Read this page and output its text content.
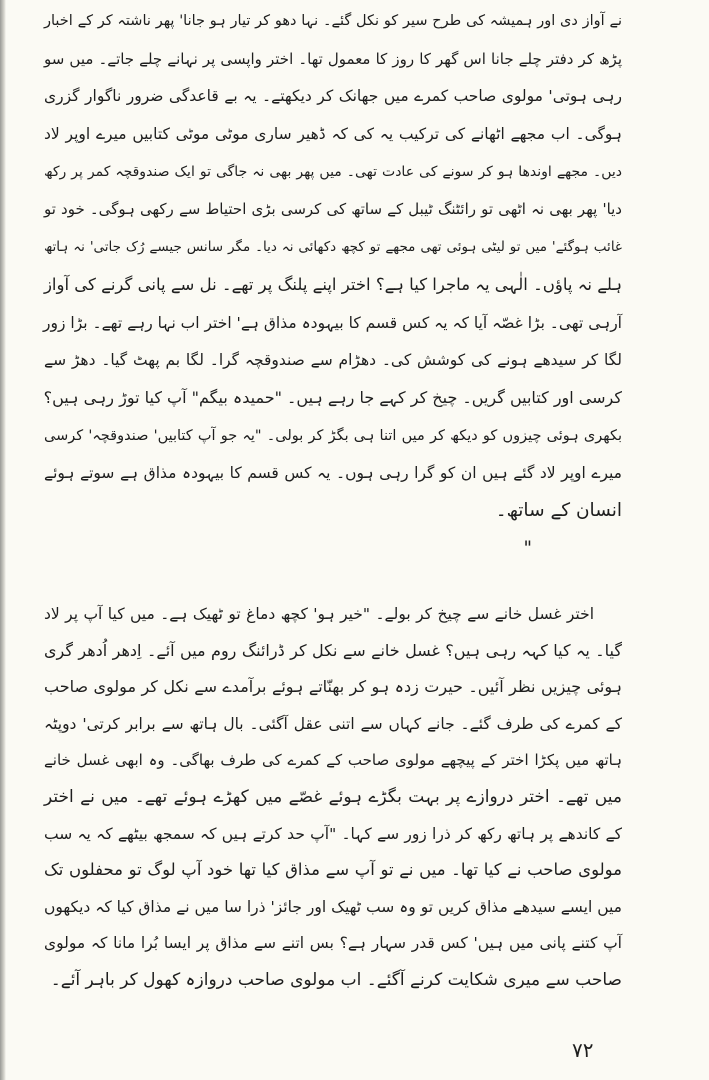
نے آواز دی اور ہمیشہ کی طرح سیر کو نکل گئے۔ نہا دھو کر تیار ہو جانا' پھر ناشتہ کر کے اخبار
پڑھ کر دفتر چلے جانا اس گھر کا روز کا معمول تھا۔ اختر واپسی پر نہانے چلے جاتے۔ میں سو
رہی ہوتی' مولوی صاحب کمرے میں جھانک کر دیکھتے۔ یہ بے قاعدگی ضرور ناگوار گزری
ہوگی۔ اب مجھے اٹھانے کی ترکیب یہ کی کہ ڈھیر ساری موٹی موٹی کتابیں میرے اوپر لاد
دیں۔ مجھے اوندھا ہو کر سونے کی عادت تھی۔ میں پھر بھی نہ جاگی تو ایک صندوقچہ کمر پر رکھ
دیا' پھر بھی نہ اٹھی تو رائٹنگ ٹیبل کے ساتھ کی کرسی بڑی احتیاط سے رکھی ہوگی۔ خود تو
غائب ہوگئے' میں تو لیٹی ہوئی تھی مجھے تو کچھ دکھائی نہ دیا۔ مگر سانس جیسے رُک جاتی' نہ ہاتھ
ہلے نہ پاؤں۔ الٰہی یہ ماجرا کیا ہے؟ اختر اپنے پلنگ پر تھے۔ نل سے پانی گرنے کی آواز
آرہی تھی۔ بڑا غصّہ آیا کہ یہ کس قسم کا بیہودہ مذاق ہے' اختر اب نہا رہے تھے۔ بڑا زور
لگا کر سیدھے ہونے کی کوشش کی۔ دھڑام سے صندوقچہ گرا۔ لگا بم پھٹ گیا۔ دھڑ سے
کرسی اور کتابیں گریں۔ چیخ کر کہے جا رہے ہیں۔ "حمیدہ بیگم" آپ کیا توڑ رہی ہیں؟
بکھری ہوئی چیزوں کو دیکھ کر میں اتنا ہی بگڑ کر بولی۔ "یہ جو آپ کتابیں' صندوقچہ' کرسی
میرے اوپر لاد گئے ہیں ان کو گرا رہی ہوں۔ یہ کس قسم کا بیہودہ مذاق ہے سوتے ہوئے
انسان کے ساتھ۔
"
اختر غسل خانے سے چیخ کر بولے۔ "خیر ہو' کچھ دماغ تو ٹھیک ہے۔ میں کیا آپ پر لاد
گیا۔ یہ کیا کہہ رہی ہیں؟ غسل خانے سے نکل کر ڈرائنگ روم میں آئے۔ اِدھر اُدھر گری
ہوئی چیزیں نظر آئیں۔ حیرت زدہ ہو کر بھنّاتے ہوئے برآمدے سے نکل کر مولوی صاحب
کے کمرے کی طرف گئے۔ جانے کہاں سے اتنی عقل آگئی۔ بال ہاتھ سے برابر کرتی' دوپٹہ
ہاتھ میں پکڑا اختر کے پیچھے مولوی صاحب کے کمرے کی طرف بھاگی۔ وہ ابھی غسل خانے
میں تھے۔ اختر دروازے پر بہت بگڑے ہوئے غصّے میں کھڑے ہوئے تھے۔ میں نے اختر
کے کاندھے پر ہاتھ رکھ کر ذرا زور سے کہا۔ "آپ حد کرتے ہیں کہ سمجھ بیٹھے کہ یہ سب
مولوی صاحب نے کیا تھا۔ میں نے تو آپ سے مذاق کیا تھا خود آپ لوگ تو محفلوں تک
میں ایسے سیدھے مذاق کریں تو وہ سب ٹھیک اور جائز' ذرا سا میں نے مذاق کیا کہ دیکھوں
آپ کتنے پانی میں ہیں' کس قدر سہار ہے؟ بس اتنے سے مذاق پر ایسا بُرا مانا کہ مولوی
صاحب سے میری شکایت کرنے آگئے۔ اب مولوی صاحب دروازہ کھول کر باہر آئے۔
۷۲
